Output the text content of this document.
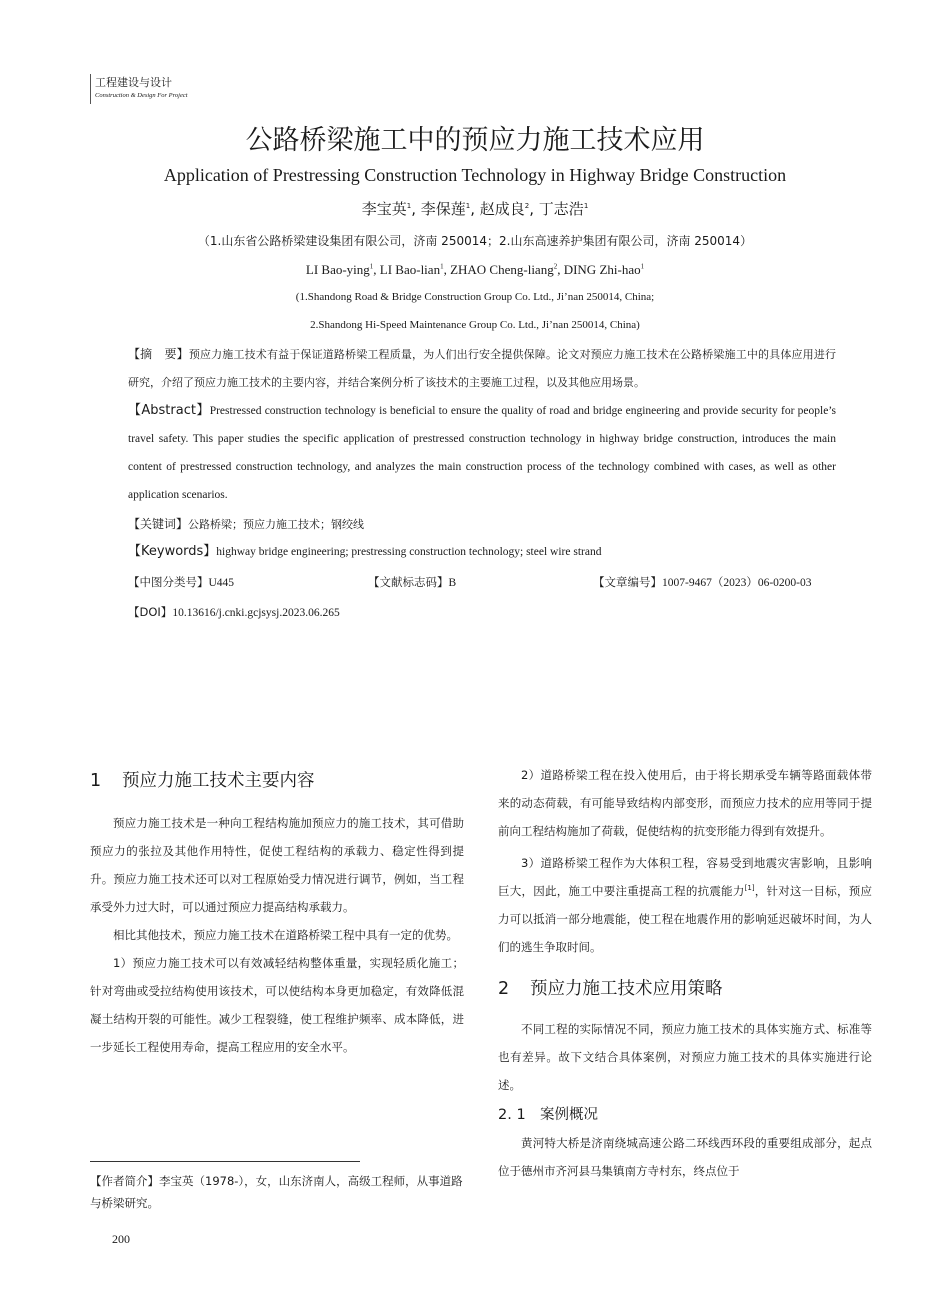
工程建设与设计
Construction & Design For Project
公路桥梁施工中的预应力施工技术应用
Application of Prestressing Construction Technology in Highway Bridge Construction
李宝英$^1$, 李保莲$^1$, 赵成良$^2$, 丁志浩$^1$
（1.山东省公路桥梁建设集团有限公司，济南 250014；2.山东高速养护集团有限公司，济南 250014）
LI Bao-ying$^1$, LI Bao-lian$^1$, ZHAO Cheng-liang$^2$, DING Zhi-hao$^1$
(1.Shandong Road & Bridge Construction Group Co. Ltd., Ji’nan 250014, China;
2.Shandong Hi-Speed Maintenance Group Co. Ltd., Ji’nan 250014, China)
【摘　要】预应力施工技术有益于保证道路桥梁工程质量，为人们出行安全提供保障。论文对预应力施工技术在公路桥梁施工中的具体应用进行研究，介绍了预应力施工技术的主要内容，并结合案例分析了该技术的主要施工过程，以及其他应用场景。
【Abstract】Prestressed construction technology is beneficial to ensure the quality of road and bridge engineering and provide security for people’s travel safety. This paper studies the specific application of prestressed construction technology in highway bridge construction, introduces the main content of prestressed construction technology, and analyzes the main construction process of the technology combined with cases, as well as other application scenarios.
【关键词】公路桥梁；预应力施工技术；钢绞线
【Keywords】highway bridge engineering; prestressing construction technology; steel wire strand
【中图分类号】U445	【文献标志码】B	【文章编号】1007-9467（2023）06-0200-03
【DOI】10.13616/j.cnki.gcjsysj.2023.06.265
1 预应力施工技术主要内容

预应力施工技术是一种向工程结构施加预应力的施工技术，其可借助预应力的张拉及其他作用特性，促使工程结构的承载力、稳定性得到提升。预应力施工技术还可以对工程原始受力情况进行调节，例如，当工程承受外力过大时，可以通过预应力提高结构承载力。

相比其他技术，预应力施工技术在道路桥梁工程中具有一定的优势。

1）预应力施工技术可以有效减轻结构整体重量，实现轻质化施工；针对弯曲或受拉结构使用该技术，可以使结构本身更加稳定，有效降低混凝土结构开裂的可能性。减少工程裂缝，使工程维护频率、成本降低，进一步延长工程使用寿命，提高工程应用的安全水平。

【作者简介】李宝英（1978-），女，山东济南人，高级工程师，从事道路与桥梁研究。

2）道路桥梁工程在投入使用后，由于将长期承受车辆等路面载体带来的动态荷载，有可能导致结构内部变形，而预应力技术的应用等同于提前向工程结构施加了荷载，促使结构的抗变形能力得到有效提升。

3）道路桥梁工程作为大体积工程，容易受到地震灾害影响，且影响巨大，因此，施工中要注重提高工程的抗震能力[1]，针对这一目标，预应力可以抵消一部分地震能，使工程在地震作用的影响延迟破坏时间，为人们的逃生争取时间。

2 预应力施工技术应用策略

不同工程的实际情况不同，预应力施工技术的具体实施方式、标准等也有差异。故下文结合具体案例，对预应力施工技术的具体实施进行论述。

2. 1 案例概况

黄河特大桥是济南绕城高速公路二环线西环段的重要组成部分，起点位于德州市齐河县马集镇南方寺村东，终点位于

200
